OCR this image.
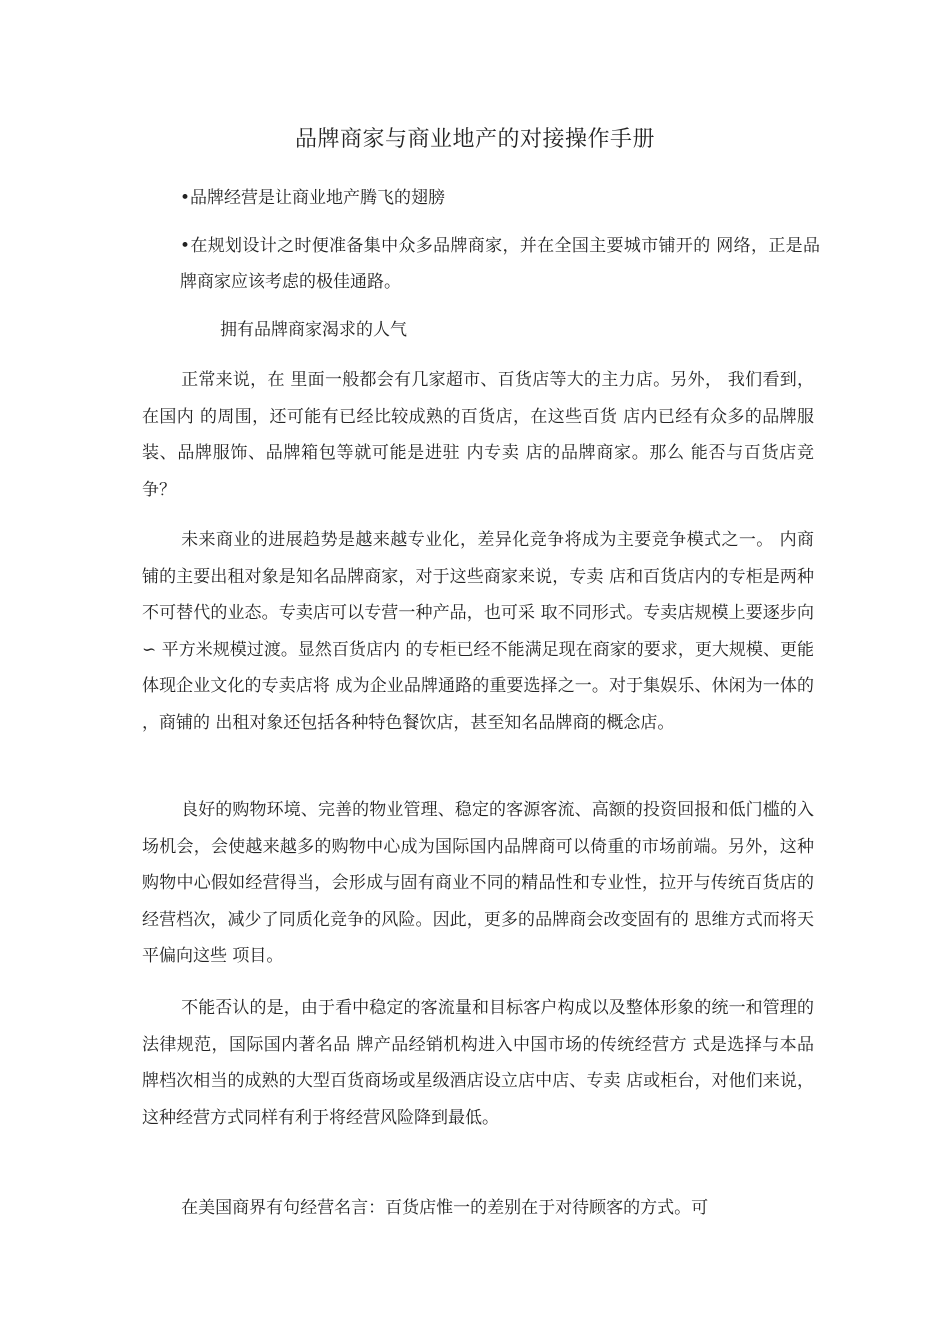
品牌商家与商业地产的对接操作手册
•品牌经营是让商业地产腾飞的翅膀
•在规划设计之时便准备集中众多品牌商家，并在全国主要城市铺开的 网络，正是品牌商家应该考虑的极佳通路。
拥有品牌商家渴求的人气
正常来说，在 里面一般都会有几家超市、百货店等大的主力店。另外， 我们看到，在国内 的周围，还可能有已经比较成熟的百货店，在这些百货 店内已经有众多的品牌服装、品牌服饰、品牌箱包等就可能是进驻 内专卖 店的品牌商家。那么 能否与百货店竞争？
未来商业的进展趋势是越来越专业化，差异化竞争将成为主要竞争模式之一。 内商铺的主要出租对象是知名品牌商家，对于这些商家来说，专卖 店和百货店内的专柜是两种不可替代的业态。专卖店可以专营一种产品，也可采 取不同形式。专卖店规模上要逐步向 ∽ 平方米规模过渡。显然百货店内 的专柜已经不能满足现在商家的要求，更大规模、更能体现企业文化的专卖店将 成为企业品牌通路的重要选择之一。对于集娱乐、休闲为一体的 ，商铺的 出租对象还包括各种特色餐饮店，甚至知名品牌商的概念店。
良好的购物环境、完善的物业管理、稳定的客源客流、高额的投资回报和低门槛的入场机会，会使越来越多的购物中心成为国际国内品牌商可以倚重的市场前端。另外，这种购物中心假如经营得当，会形成与固有商业不同的精品性和专业性，拉开与传统百货店的经营档次，减少了同质化竞争的风险。因此，更多的品牌商会改变固有的 思维方式而将天平偏向这些 项目。
不能否认的是，由于看中稳定的客流量和目标客户构成以及整体形象的统一和管理的法律规范，国际国内著名品 牌产品经销机构进入中国市场的传统经营方 式是选择与本品牌档次相当的成熟的大型百货商场或星级酒店设立店中店、专卖 店或柜台，对他们来说，这种经营方式同样有利于将经营风险降到最低。
在美国商界有句经营名言：百货店惟一的差别在于对待顾客的方式。可
